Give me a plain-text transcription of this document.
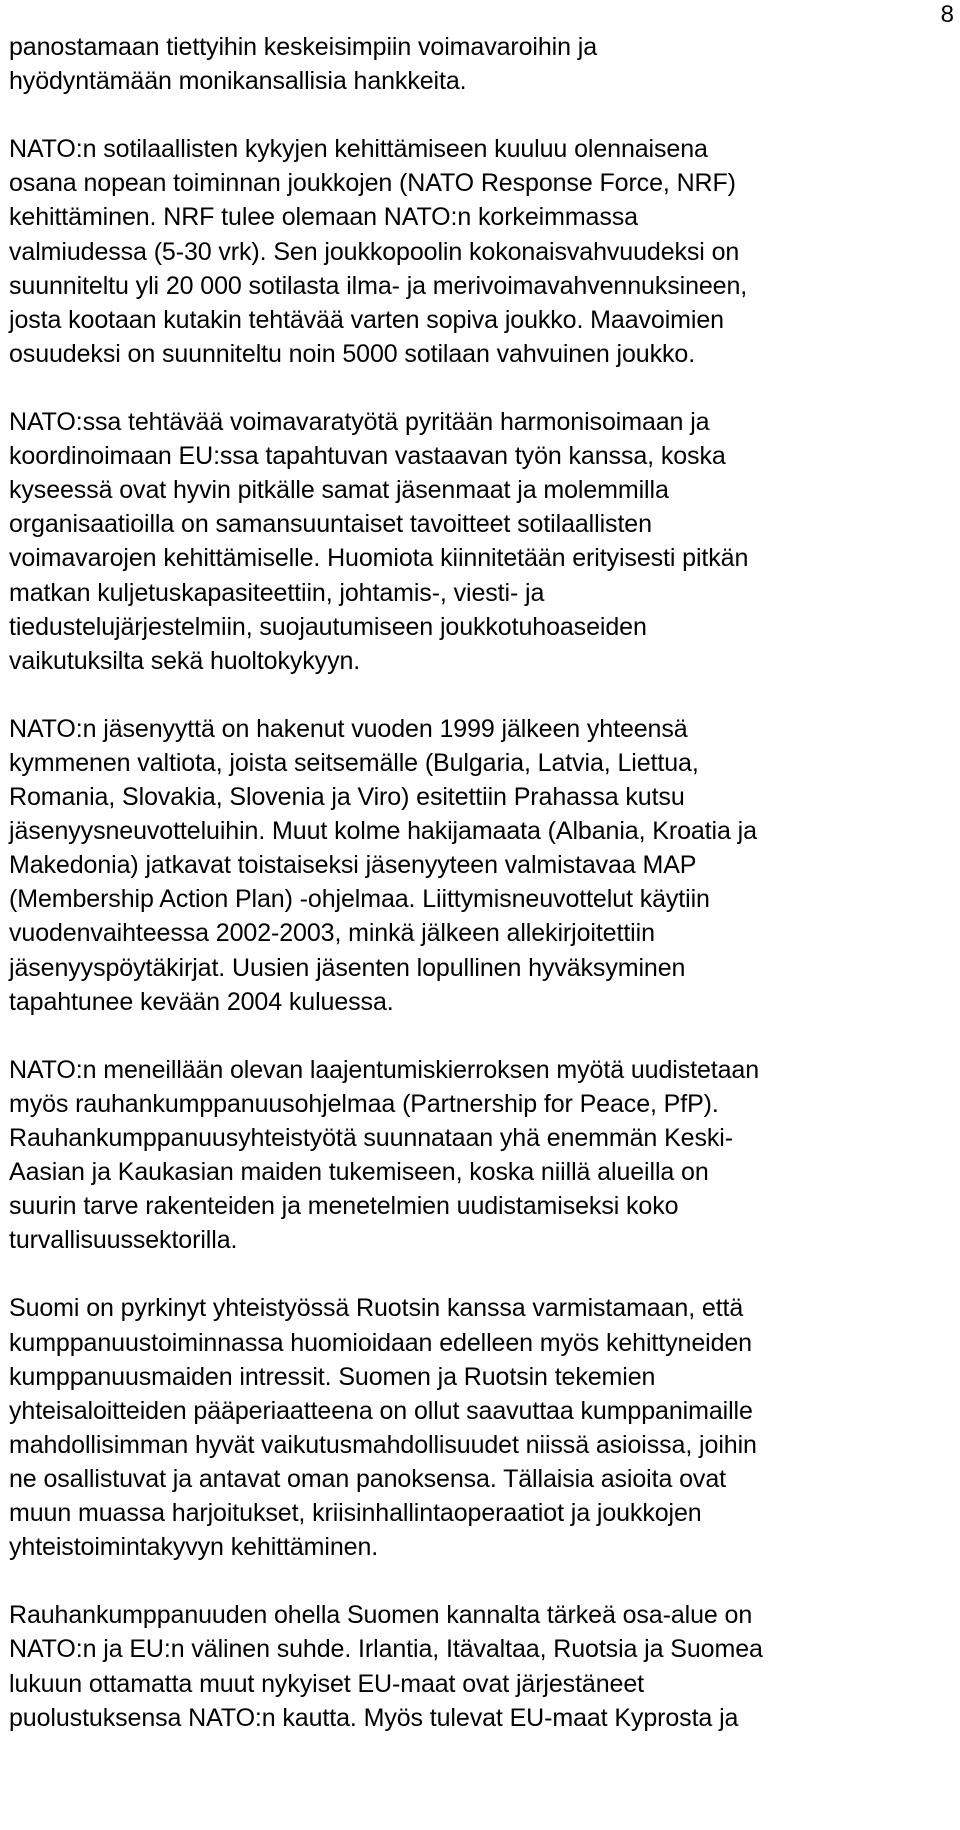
8
panostamaan tiettyihin keskeisimpiin voimavaroihin ja
hyödyntämään monikansallisia hankkeita.
NATO:n sotilaallisten kykyjen kehittämiseen kuuluu olennaisena
osana nopean toiminnan joukkojen (NATO Response Force, NRF)
kehittäminen. NRF tulee olemaan NATO:n korkeimmassa
valmiudessa (5-30 vrk). Sen joukkopoolin kokonaisvahvuudeksi on
suunniteltu yli 20 000 sotilasta ilma- ja merivoimavahvennuksineen,
josta kootaan kutakin tehtävää varten sopiva joukko. Maavoimien
osuudeksi on suunniteltu noin 5000 sotilaan vahvuinen joukko.
NATO:ssa tehtävää voimavaratyötä pyritään harmonisoimaan ja
koordinoimaan EU:ssa tapahtuvan vastaavan työn kanssa, koska
kyseessä ovat hyvin pitkälle samat jäsenmaat ja molemmilla
organisaatioilla on samansuuntaiset tavoitteet sotilaallisten
voimavarojen kehittämiselle. Huomiota kiinnitetään erityisesti pitkän
matkan kuljetuskapasiteettiin, johtamis-, viesti- ja
tiedustelujärjestelmiin, suojautumiseen joukkotuhoaseiden
vaikutuksilta sekä huoltokykyyn.
NATO:n jäsenyyttä on hakenut vuoden 1999 jälkeen yhteensä
kymmenen valtiota, joista seitsemälle (Bulgaria, Latvia, Liettua,
Romania, Slovakia, Slovenia ja Viro) esitettiin Prahassa kutsu
jäsenyysneuvotteluihin. Muut kolme hakijamaata (Albania, Kroatia ja
Makedonia) jatkavat toistaiseksi jäsenyyteen valmistavaa MAP
(Membership Action Plan) -ohjelmaa. Liittymisneuvottelut käytiin
vuodenvaihteessa 2002-2003, minkä jälkeen allekirjoitettiin
jäsenyyspöytäkirjat. Uusien jäsenten lopullinen hyväksyminen
tapahtunee kevään 2004 kuluessa.
NATO:n meneillään olevan laajentumiskierroksen myötä uudistetaan
myös rauhankumppanuusohjelmaa (Partnership for Peace, PfP).
Rauhankumppanuusyhteistyötä suunnataan yhä enemmän Keski-
Aasian ja Kaukasian maiden tukemiseen, koska niillä alueilla on
suurin tarve rakenteiden ja menetelmien uudistamiseksi koko
turvallisuussektorilla.
Suomi on pyrkinyt yhteistyössä Ruotsin kanssa varmistamaan, että
kumppanuustoiminnassa huomioidaan edelleen myös kehittyneiden
kumppanuusmaiden intressit. Suomen ja Ruotsin tekemien
yhteisaloitteiden pääperiaatteena on ollut saavuttaa kumppanimaille
mahdollisimman hyvät vaikutusmahdollisuudet niissä asioissa, joihin
ne osallistuvat ja antavat oman panoksensa. Tällaisia asioita ovat
muun muassa harjoitukset, kriisinhallintaoperaatiot ja joukkojen
yhteistoimintakyvyn kehittäminen.
Rauhankumppanuuden ohella Suomen kannalta tärkeä osa-alue on
NATO:n ja EU:n välinen suhde. Irlantia, Itävaltaa, Ruotsia ja Suomea
lukuun ottamatta muut nykyiset EU-maat ovat järjestäneet
puolustuksensa NATO:n kautta. Myös tulevat EU-maat Kyprosta ja
